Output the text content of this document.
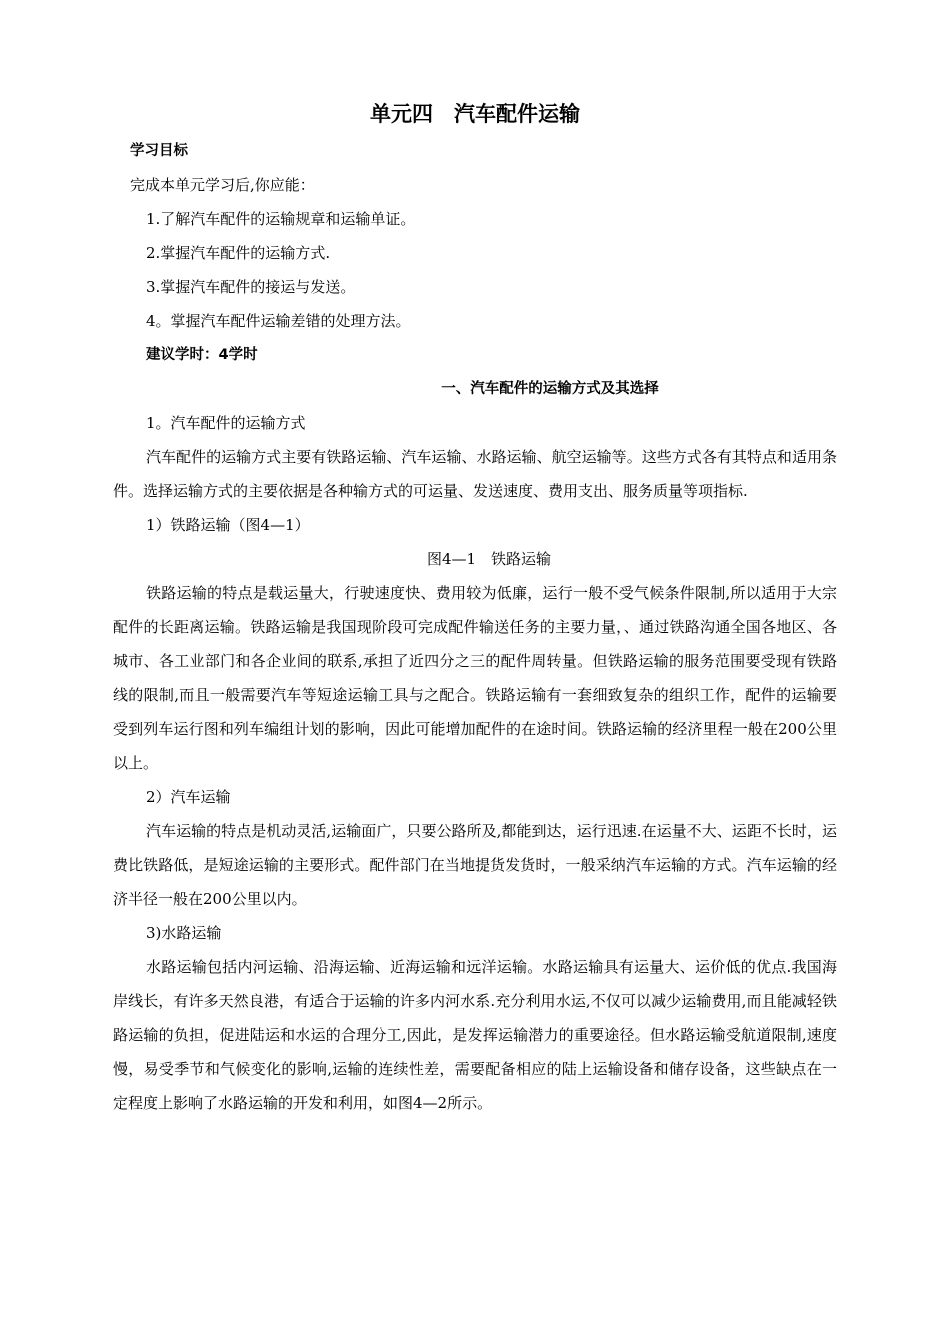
单元四　汽车配件运输
学习目标
完成本单元学习后,你应能：
1.了解汽车配件的运输规章和运输单证。
2.掌握汽车配件的运输方式.
3.掌握汽车配件的接运与发送。
4。掌握汽车配件运输差错的处理方法。
建议学时：4学时
一、汽车配件的运输方式及其选择
1。汽车配件的运输方式

汽车配件的运输方式主要有铁路运输、汽车运输、水路运输、航空运输等。这些方式各有其特点和适用条件。选择运输方式的主要依据是各种输方式的可运量、发送速度、费用支出、服务质量等项指标.

1）铁路运输（图4—1）
图4—1　铁路运输

铁路运输的特点是载运量大，行驶速度快、费用较为低廉，运行一般不受气候条件限制,所以适用于大宗配件的长距离运输。铁路运输是我国现阶段可完成配件输送任务的主要力量，、通过铁路沟通全国各地区、各城市、各工业部门和各企业间的联系,承担了近四分之三的配件周转量。但铁路运输的服务范围要受现有铁路线的限制,而且一般需要汽车等短途运输工具与之配合。铁路运输有一套细致复杂的组织工作，配件的运输要受到列车运行图和列车编组计划的影响，因此可能增加配件的在途时间。铁路运输的经济里程一般在200公里以上。

2）汽车运输

汽车运输的特点是机动灵活,运输面广，只要公路所及,都能到达，运行迅速.在运量不大、运距不长时，运费比铁路低，是短途运输的主要形式。配件部门在当地提货发货时，一般采纳汽车运输的方式。汽车运输的经济半径一般在200公里以内。

3)水路运输

水路运输包括内河运输、沿海运输、近海运输和远洋运输。水路运输具有运量大、运价低的优点.我国海岸线长，有许多天然良港，有适合于运输的许多内河水系.充分利用水运,不仅可以减少运输费用,而且能减轻铁路运输的负担，促进陆运和水运的合理分工,因此，是发挥运输潜力的重要途径。但水路运输受航道限制,速度慢，易受季节和气候变化的影响,运输的连续性差，需要配备相应的陆上运输设备和储存设备，这些缺点在一定程度上影响了水路运输的开发和利用，如图4—2所示。
